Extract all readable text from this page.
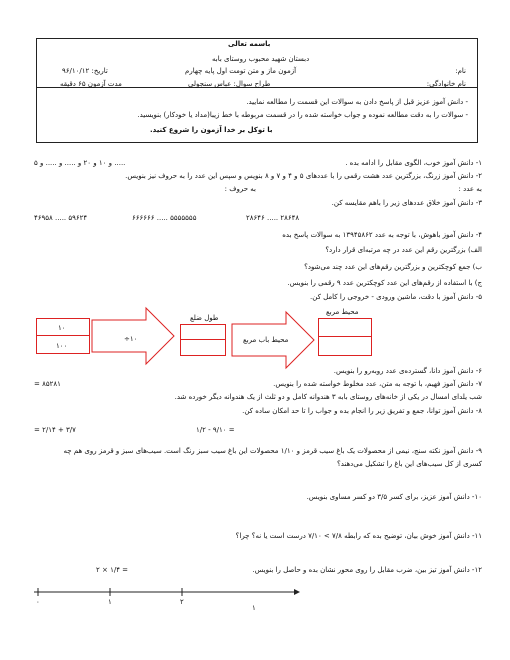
باسمه تعالی
دبستان شهید محبوب روستای بابه
نام:
آزمون ماز و متن تومت اول پایه چهارم
تاریخ: ۹۶/۱۰/۱۲
نام خانوادگی:
طراح سوال: عباس سنجولی
مدت آزمون ۶۵ دقیقه
- دانش آموز عزیز قبل از پاسخ دادن به سوالات این قسمت را مطالعه نمایید.
- سوالات را به دقت مطالعه نموده و جواب خواسته شده را در قسمت مربوطه با خط زیبا(مداد یا خودکار) بنویسید.
با توکل بر خدا آزمون را شروع کنید.
۱- دانش آموز خوب، الگوی مقابل را ادامه بده .
۵ و ۱۰ و ۲۰ و ..... و ..... و .....
۲- دانش آموز زرنگ، بزرگترین عدد هشت رقمی را با عددهای ۵ و ۴ و ۷ و ۸ بنویس و سپس این عدد را به حروف نیز بنویس.
به عدد :
به حروف :
۳- دانش آموز خلاق عددهای زیر را باهم مقایسه کن.
۴۶۹۵۸ ..... ۵۹۶۲۴	۶۶۶۶۶۶ ..... ۵۵۵۵۵۵۵	۲۸۶۴۶ ..... ۲۸۶۴۸
۴- دانش آموز باهوش، با توجه به عدد ۱۳۹۴۵۸۶۲ به سوالات پاسخ بده
الف) بزرگترین رقم این عدد در چه مرتبه‌ای قرار دارد؟
ب) جمع کوچکترین و بزرگترین رقم‌های این عدد چند می‌شود؟
ج) با استفاده از رقم‌های این عدد کوچکترین عدد ۹ رقمی را بنویس.
۵- دانش آموز با دقت، ماشین ورودی - خروجی را کامل کن.
۱۰
۱۰۰
÷۱۰
طول ضلع
محیط باب مربع
محیط مربع
۶- دانش آموز دانا، گسترده‌ی عدد روبه‌رو را بنویس.
= ۸۵۲۸۱	۷- دانش آموز فهیم، با توجه به متن، عدد مخلوط خواسته شده را بنویس.
شب یلدای امسال در یکی از خانه‌های روستای بابه ۳ هندوانه کامل و دو ثلث از یک هندوانه دیگر خورده شد.
۸- دانش آموز توانا، جمع و تفریق زیر را انجام بده و جواب را تا حد امکان ساده کن.
= ۲/۱۴ + ۳/۷	۱/۲ - ۹/۱۰ =
۹- دانش آموز نکته سنج، نیمی از محصولات یک باغ سیب قرمز و ۱/۱۰ محصولات این باغ سیب سبز رنگ است. سیب‌های سبز و قرمز روی هم چه
کسری از کل سیب‌های این باغ را تشکیل می‌دهند؟
۱۰- دانش آموز عزیز، برای کسر ۳/۵ دو کسر مساوی بنویس.
۱۱- دانش آموز خوش بیان، توضیح بده که رابطه ۷/۸ > ۷/۱۰ درست است یا نه؟ چرا؟
۱۲- دانش آموز تیز بین، ضرب مقابل را روی محور نشان بده و حاصل را بنویس.
۲ × ۱/۴ =
۰	۱	۲
۱
